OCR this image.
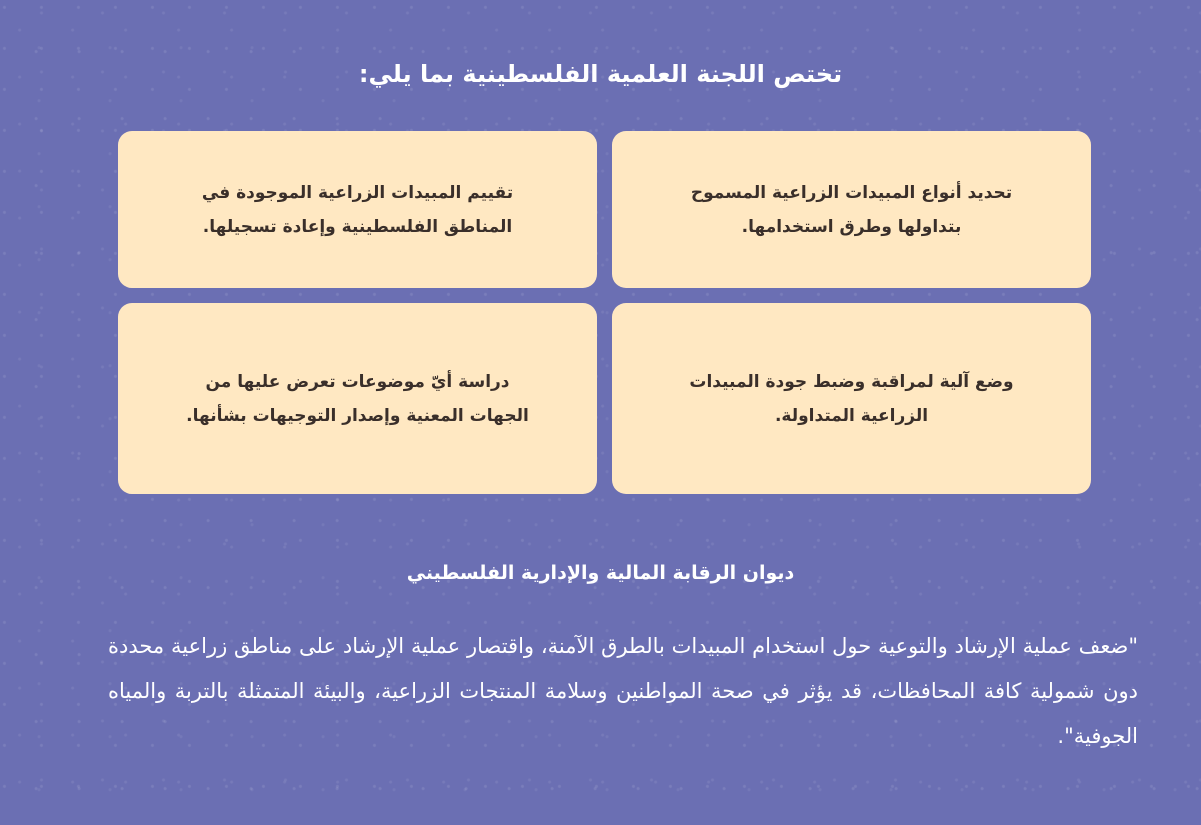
تختص اللجنة العلمية الفلسطينية بما يلي:
تحديد أنواع المبيدات الزراعية المسموح بتداولها وطرق استخدامها.
تقييم المبيدات الزراعية الموجودة في المناطق الفلسطينية وإعادة تسجيلها.
وضع آلية لمراقبة وضبط جودة المبيدات الزراعية المتداولة.
دراسة أيّ موضوعات تعرض عليها من الجهات المعنية وإصدار التوجيهات بشأنها.
ديوان الرقابة المالية والإدارية الفلسطيني

"ضعف عملية الإرشاد والتوعية حول استخدام المبيدات بالطرق الآمنة، واقتصار عملية الإرشاد على مناطق زراعية محددة دون شمولية كافة المحافظات، قد يؤثر في صحة المواطنين وسلامة المنتجات الزراعية، والبيئة المتمثلة بالتربة والمياه الجوفية".
